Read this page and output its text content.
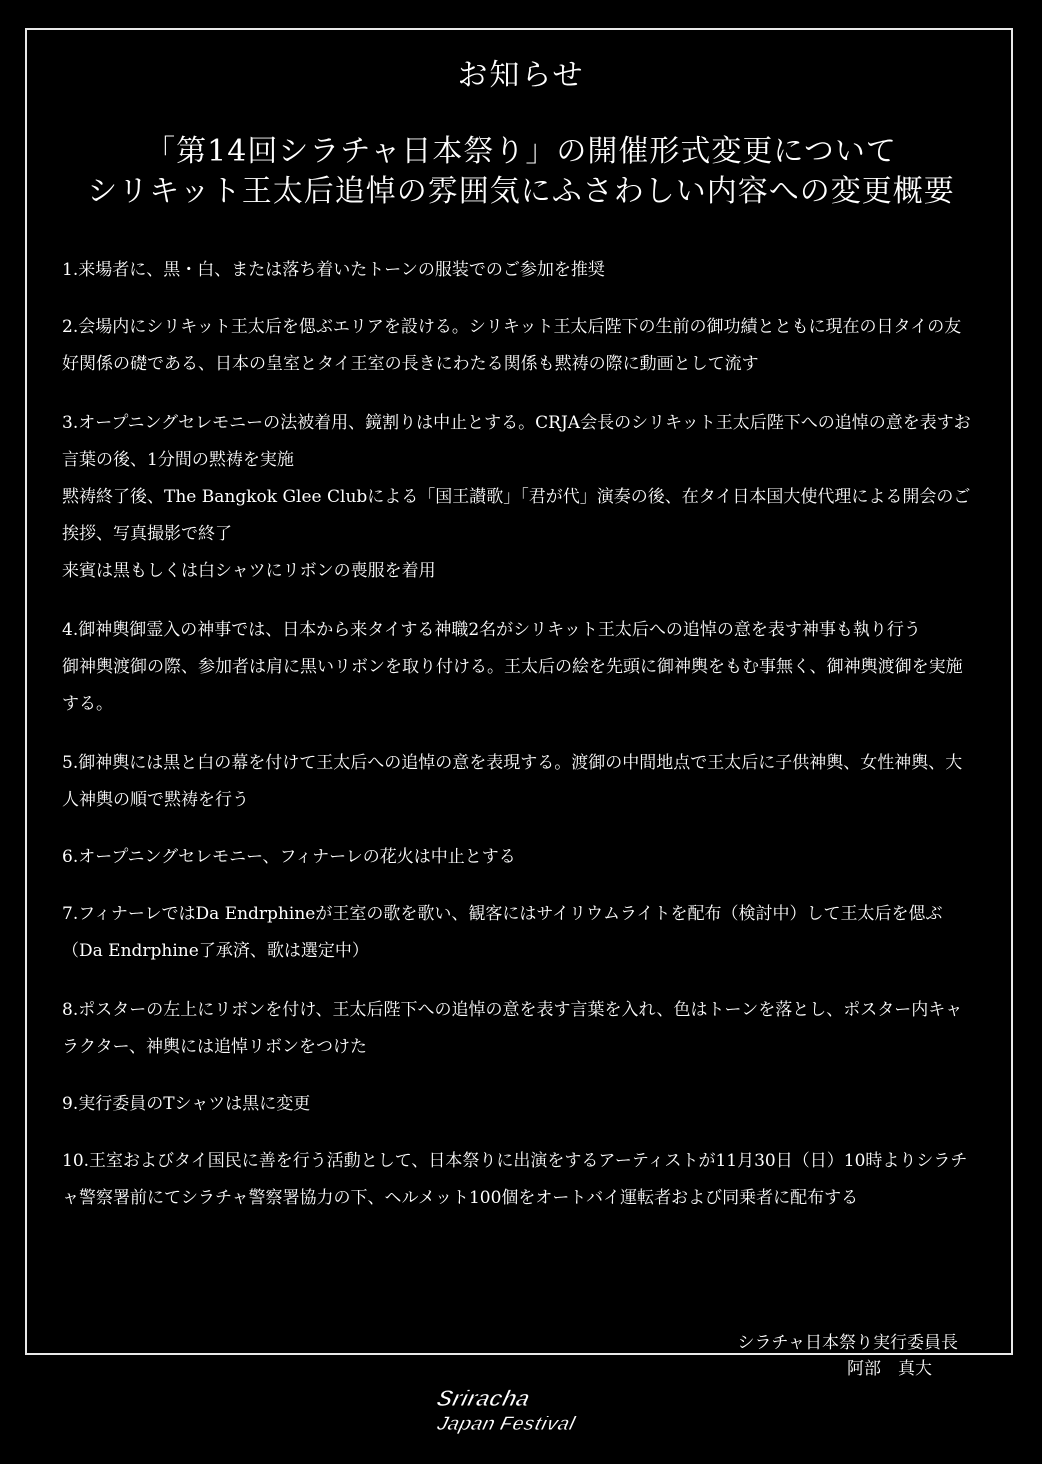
お知らせ
「第14回シラチャ日本祭り」の開催形式変更について
シリキット王太后追悼の雰囲気にふさわしい内容への変更概要

1.来場者に、黒・白、または落ち着いたトーンの服装でのご参加を推奨

2.会場内にシリキット王太后を偲ぶエリアを設ける。シリキット王太后陛下の生前の御功績とともに現在の日タイの友好関係の礎である、日本の皇室とタイ王室の長きにわたる関係も黙祷の際に動画として流す

3.オープニングセレモニーの法被着用、鏡割りは中止とする。CRJA会長のシリキット王太后陛下への追悼の意を表すお言葉の後、1分間の黙祷を実施

黙祷終了後、The Bangkok Glee Clubによる「国王讃歌」「君が代」演奏の後、在タイ日本国大使代理による開会のご挨拶、写真撮影で終了

来賓は黒もしくは白シャツにリボンの喪服を着用

4.御神輿御霊入の神事では、日本から来タイする神職2名がシリキット王太后への追悼の意を表す神事も執り行う

御神輿渡御の際、参加者は肩に黒いリボンを取り付ける。王太后の絵を先頭に御神輿をもむ事無く、御神輿渡御を実施する。

5.御神輿には黒と白の幕を付けて王太后への追悼の意を表現する。渡御の中間地点で王太后に子供神輿、女性神輿、大人神輿の順で黙祷を行う

6.オープニングセレモニー、フィナーレの花火は中止とする

7.フィナーレではDa Endrphineが王室の歌を歌い、観客にはサイリウムライトを配布（検討中）して王太后を偲ぶ（Da Endrphine了承済、歌は選定中）

8.ポスターの左上にリボンを付け、王太后陛下への追悼の意を表す言葉を入れ、色はトーンを落とし、ポスター内キャラクター、神輿には追悼リボンをつけた

9.実行委員のTシャツは黒に変更

10.王室およびタイ国民に善を行う活動として、日本祭りに出演をするアーティストが11月30日（日）10時よりシラチャ警察署前にてシラチャ警察署協力の下、ヘルメット100個をオートバイ運転者および同乗者に配布する

シラチャ日本祭り実行委員長
阿部　真大
Sriracha
Japan Festival
